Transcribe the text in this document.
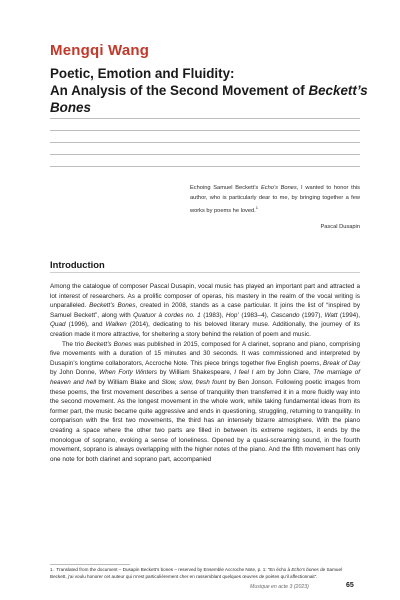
Mengqi Wang
Poetic, Emotion and Fluidity:
An Analysis of the Second Movement of Beckett’s Bones
Echoing Samuel Beckett’s Echo’s Bones, I wanted to honor this author, who is particularly dear to me, by bringing together a few works by poems he loved.$^1$
Pascal Dusapin
Introduction

Among the catalogue of composer Pascal Dusapin, vocal music has played an important part and attracted a lot interest of researchers. As a prolific composer of operas, his mastery in the realm of the vocal writing is unparalleled. Beckett’s Bones, created in 2008, stands as a case particular. It joins the list of “inspired by Samuel Beckett”, along with Quatuor à cordes no. 1 (1983), Hop’ (1983–4), Cascando (1997), Watt (1994), Quad (1996), and Walken (2014), dedicating to his beloved literary muse. Additionally, the journey of its creation made it more attractive, for sheltering a story behind the relation of poem and music.

The trio Beckett’s Bones was published in 2015, composed for A clarinet, soprano and piano, comprising five movements with a duration of 15 minutes and 30 seconds. It was commissioned and interpreted by Dusapin’s longtime collaborators, Accroche Note. This piece brings together five English poems, Break of Day by John Donne, When Forty Winters by William Shakespeare, I feel I am by John Clare, The marriage of heaven and hell by William Blake and Slow, slow, fresh fount by Ben Jonson. Following poetic images from these poems, the first movement describes a sense of tranquility then transferred it in a more fluidly way into the second movement. As the longest movement in the whole work, while taking fundamental ideas from its former part, the music became quite aggressive and ends in questioning, struggling, returning to tranquility. In comparison with the first two movements, the third has an intensely bizarre atmosphere. With the piano creating a space where the other two parts are filled in between its extreme registers, it ends by the monologue of soprano, evoking a sense of loneliness. Opened by a quasi-screaming sound, in the fourth movement, soprano is always overlapping with the higher notes of the piano. And the fifth movement has only one note for both clarinet and soprano part, accompanied

1. Translated from the document – Dusapin Beckett’s bones – reserved by Ensemble Accroche Note, p. 1: “En écho à Echo’s bones de Samuel Beckett, j’ai voulu honorer cet auteur qui m’est particulièrement cher en rassemblant quelques œuvres de poètes qu’il affectionnait”.
Musique en acte 3 (2023)	65
